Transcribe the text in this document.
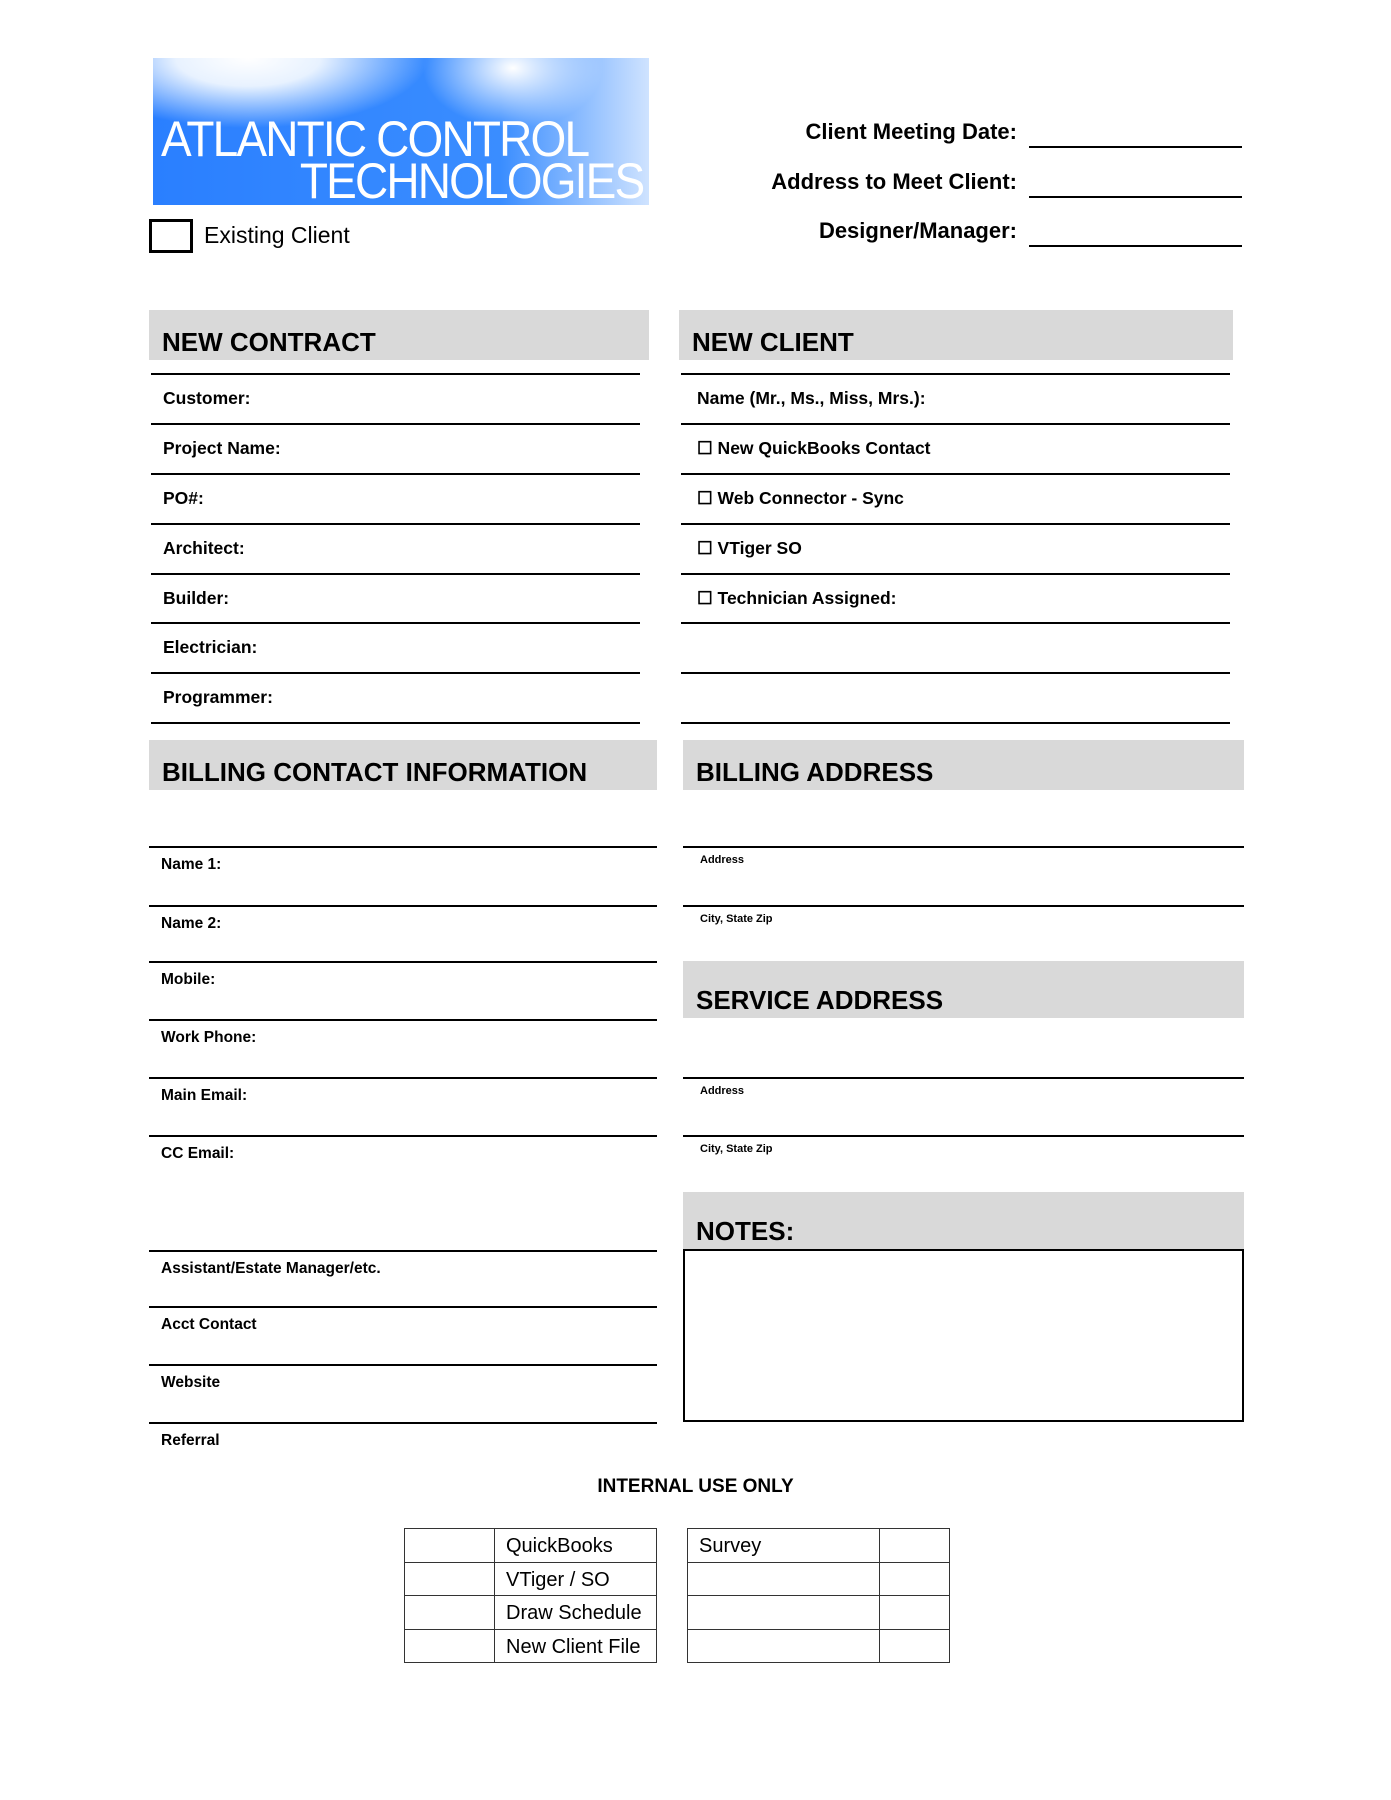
ATLANTIC CONTROL
TECHNOLOGIES
Existing Client
Client Meeting Date:
Address to Meet Client:
Designer/Manager:
NEW CONTRACT	NEW CLIENT
Customer:
Project Name:
PO#:
Architect:
Builder:
Electrician:
Programmer:
Name (Mr., Ms., Miss, Mrs.):
☐ New QuickBooks Contact
☐ Web Connector - Sync
☐ VTiger SO
☐ Technician Assigned:
Name 1:
Name 2:
Mobile:
Work Phone:
Main Email:
CC Email:
Assistant/Estate Manager/etc.
Acct Contact
Website
Referral
Address
City, State Zip
Address
City, State Zip
BILLING CONTACT INFORMATION	BILLING ADDRESS
SERVICE ADDRESS
NOTES:
INTERNAL USE ONLY
	QuickBooks
	VTiger / SO
	Draw Schedule
	New Client File
Survey	
